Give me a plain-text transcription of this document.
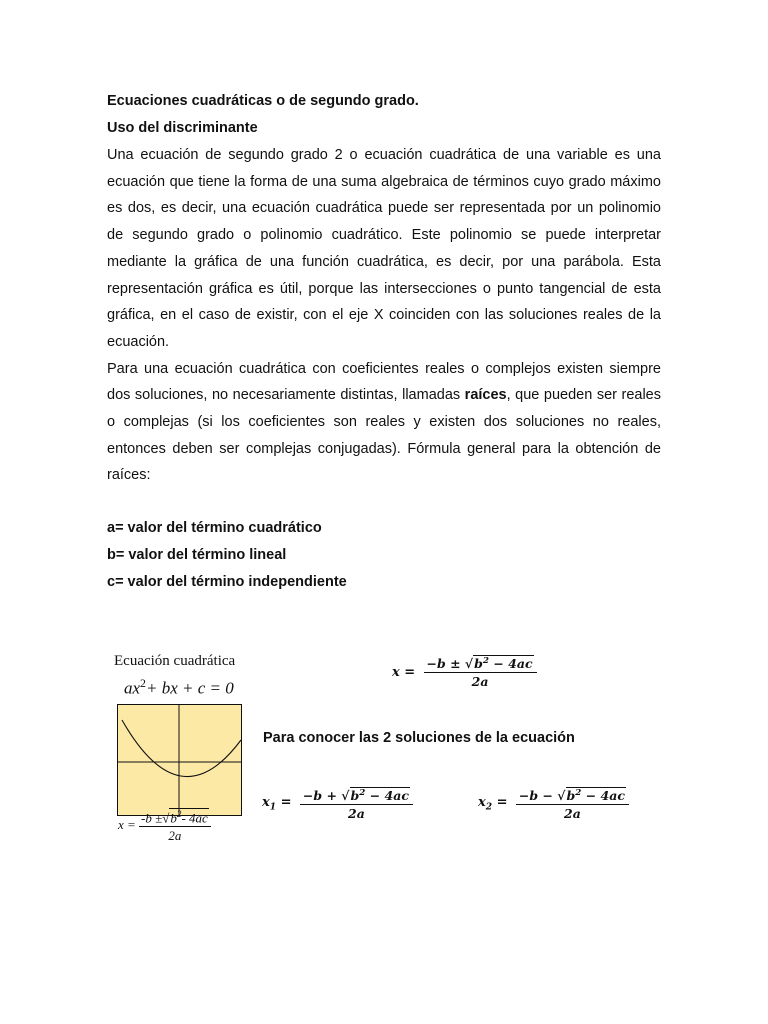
Ecuaciones cuadráticas o de segundo grado.
Uso del discriminante

Una ecuación de segundo grado 2 o ecuación cuadrática de una variable es una ecuación que tiene la forma de una suma algebraica de términos cuyo grado máximo es dos, es decir, una ecuación cuadrática puede ser representada por un polinomio de segundo grado o polinomio cuadrático. Este polinomio se puede interpretar mediante la gráfica de una función cuadrática, es decir, por una parábola. Esta representación gráfica es útil, porque las intersecciones o punto tangencial de esta gráfica, en el caso de existir, con el eje X coinciden con las soluciones reales de la ecuación.

Para una ecuación cuadrática con coeficientes reales o complejos existen siempre dos soluciones, no necesariamente distintas, llamadas raíces, que pueden ser reales o complejas (si los coeficientes son reales y existen dos soluciones no reales, entonces deben ser complejas conjugadas). Fórmula general para la obtención de raíces:

a= valor del término cuadrático
b= valor del término lineal
c= valor del término independiente
Ecuación cuadrática
$ax^2+$ bx + c = 0
$x = \frac{-b \pm√b^2- 4ac}{2a}$
$x = \frac{-b \pm √b^2 - 4ac}{2a}$
Para conocer las 2 soluciones de la ecuación
$x_1 = \frac{-b + √b^2 - 4ac}{2a}$	$x_2 = \frac{-b - √b^2 - 4ac}{2a}$
